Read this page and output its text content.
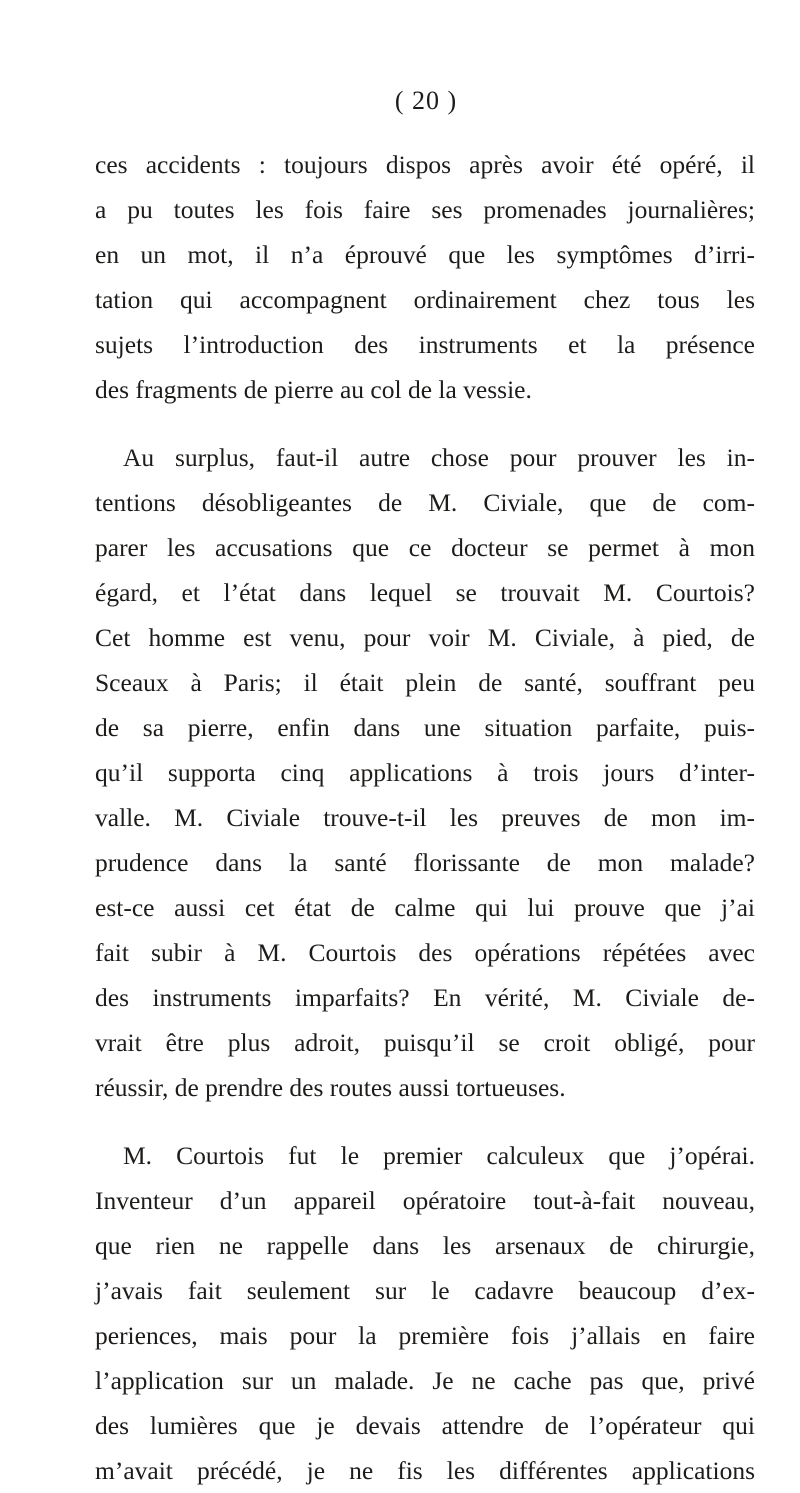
( 20 )
ces accidents : toujours dispos après avoir été opéré, il
a pu toutes les fois faire ses promenades journalières;
en un mot, il n’a éprouvé que les symptômes d’irri-
tation qui accompagnent ordinairement chez tous les
sujets l’introduction des instruments et la présence
des fragments de pierre au col de la vessie.
Au surplus, faut-il autre chose pour prouver les in-
tentions désobligeantes de M. Civiale, que de com-
parer les accusations que ce docteur se permet à mon
égard, et l’état dans lequel se trouvait M. Courtois?
Cet homme est venu, pour voir M. Civiale, à pied, de
Sceaux à Paris; il était plein de santé, souffrant peu
de sa pierre, enfin dans une situation parfaite, puis-
qu’il supporta cinq applications à trois jours d’inter-
valle. M. Civiale trouve-t-il les preuves de mon im-
prudence dans la santé florissante de mon malade?
est-ce aussi cet état de calme qui lui prouve que j’ai
fait subir à M. Courtois des opérations répétées avec
des instruments imparfaits? En vérité, M. Civiale de-
vrait être plus adroit, puisqu’il se croit obligé, pour
réussir, de prendre des routes aussi tortueuses.
M. Courtois fut le premier calculeux que j’opérai.
Inventeur d’un appareil opératoire tout-à-fait nouveau,
que rien ne rappelle dans les arsenaux de chirurgie,
j’avais fait seulement sur le cadavre beaucoup d’ex-
periences, mais pour la première fois j’allais en faire
l’application sur un malade. Je ne cache pas que, privé
des lumières que je devais attendre de l’opérateur qui
m’avait précédé, je ne fis les différentes applications
